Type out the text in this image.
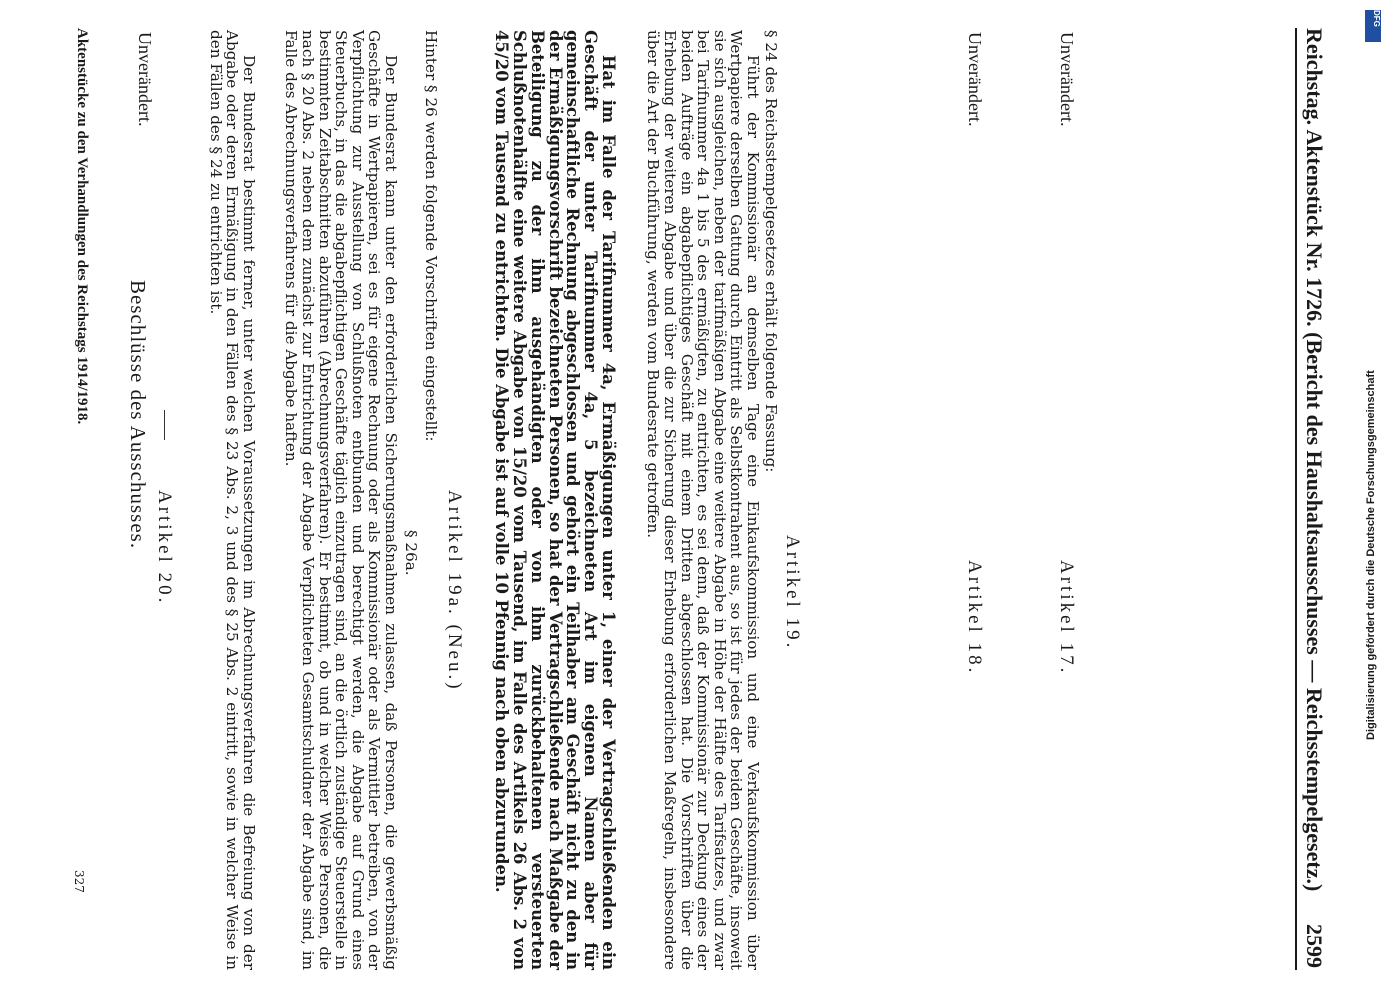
Reichstag. Aktenstück Nr. 1726. (Bericht des Haushaltsausschusses — Reichsstempelgesetz.)
2599
Beschlüsse des Ausschusses.
Artikel 17.
Unverändert.
Artikel 18.
Unverändert.
Artikel 19.

§ 24 des Reichsstempelgesetzes erhält folgende Fassung:

Führt der Kommissionär an demselben Tage eine Einkaufskommission und eine Verkaufskommission über Wertpapiere derselben Gattung durch Eintritt als Selbstkontrahent aus, so ist für jedes der beiden Geschäfte, insoweit sie sich ausgleichen, neben der tarifmäßigen Abgabe eine weitere Abgabe in Höhe der Hälfte des Tarifsatzes, und zwar bei Tarifnummer 4a 1 bis 5 des ermäßigten, zu entrichten, es sei denn, daß der Kommissionär zur Deckung eines der beiden Aufträge ein abgabepflichtiges Geschäft mit einem Dritten abgeschlossen hat. Die Vorschriften über die Erhebung der weiteren Abgabe und über die zur Sicherung dieser Erhebung erforderlichen Maßregeln, insbesondere über die Art der Buchführung, werden vom Bundesrate getroffen.

Hat im Falle der Tarifnummer 4a, Ermäßigungen unter 1, einer der Vertragschließenden ein Geschäft der unter Tarifnummer 4a, 5 bezeichneten Art im eigenen Namen aber für gemeinschaftliche Rechnung abgeschlossen und gehört ein Teilhaber am Geschäft nicht zu den in der Ermäßigungsvorschrift bezeichneten Personen, so hat der Vertragschließende nach Maßgabe der Beteiligung zu der ihm ausgehändigten oder von ihm zurückbehaltenen versteuerten Schlußnotenhälfte eine weitere Abgabe von 15/20 vom Tausend, im Falle des Artikels 26 Abs. 2 von 45/20 vom Tausend zu entrichten. Die Abgabe ist auf volle 10 Pfennig nach oben abzurunden.

Artikel 19a. (Neu.)

Hinter § 26 werden folgende Vorschriften eingestellt:

§ 26a.

Der Bundesrat kann unter den erforderlichen Sicherungsmaßnahmen zulassen, daß Personen, die gewerbsmäßig Geschäfte in Wertpapieren, sei es für eigene Rechnung oder als Kommissionär oder als Vermittler betreiben, von der Verpflichtung zur Ausstellung von Schlußnoten entbunden und berechtigt werden, die Abgabe auf Grund eines Steuerbuchs, in das die abgabepflichtigen Geschäfte täglich einzutragen sind, an die örtlich zuständige Steuerstelle in bestimmten Zeitabschnitten abzuführen (Abrechnungsverfahren). Er bestimmt, ob und in welcher Weise Personen, die nach § 20 Abs. 2 neben dem zunächst zur Entrichtung der Abgabe Verpflichteten Gesamtschuldner der Abgabe sind, im Falle des Abrechnungsverfahrens für die Abgabe haften.

Der Bundesrat bestimmt ferner, unter welchen Voraussetzungen im Abrechnungsverfahren die Befreiung von der Abgabe oder deren Ermäßigung in den Fällen des § 23 Abs. 2, 3 und des § 25 Abs. 2 eintritt, sowie in welcher Weise in den Fällen des § 24 zu entrichten ist.

Artikel 20.
Unverändert.
327
Aktenstücke zu den Verhandlungen des Reichstags 1914/1918.
Digitalisierung gefördert durch die Deutsche Forschungsgemeinschaft
DFG
